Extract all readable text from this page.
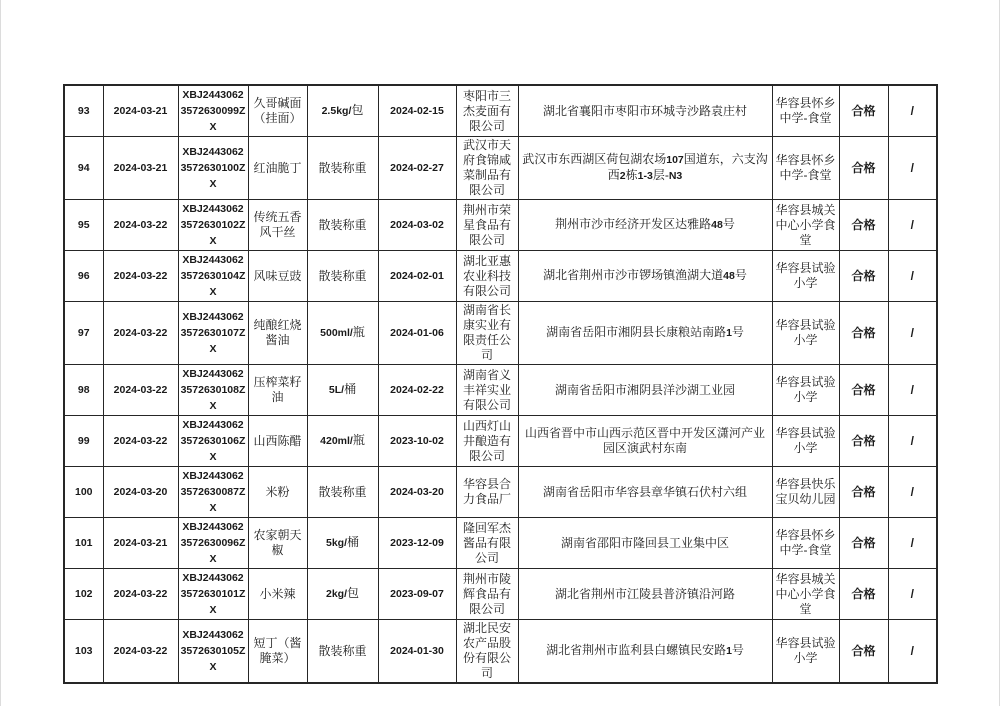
93	2024-03-21	XBJ24430623572630099ZX	久哥碱面（挂面）	2.5kg/包	2024-02-15	枣阳市三杰麦面有限公司	湖北省襄阳市枣阳市环城寺沙路袁庄村	华容县怀乡中学-食堂	合格	/
94	2024-03-21	XBJ24430623572630100ZX	红油脆丁	散装称重	2024-02-27	武汉市天府食锦咸菜制品有限公司	武汉市东西湖区荷包湖农场107国道东，六支沟西2栋1-3层-N3	华容县怀乡中学-食堂	合格	/
95	2024-03-22	XBJ24430623572630102ZX	传统五香风干丝	散装称重	2024-03-02	荆州市荣星食品有限公司	荆州市沙市经济开发区达雅路48号	华容县城关中心小学食堂	合格	/
96	2024-03-22	XBJ24430623572630104ZX	风味豆豉	散装称重	2024-02-01	湖北亚惠农业科技有限公司	湖北省荆州市沙市锣场镇渔湖大道48号	华容县试验小学	合格	/
97	2024-03-22	XBJ24430623572630107ZX	纯酿红烧酱油	500ml/瓶	2024-01-06	湖南省长康实业有限责任公司	湖南省岳阳市湘阴县长康粮站南路1号	华容县试验小学	合格	/
98	2024-03-22	XBJ24430623572630108ZX	压榨菜籽油	5L/桶	2024-02-22	湖南省义丰祥实业有限公司	湖南省岳阳市湘阴县洋沙湖工业园	华容县试验小学	合格	/
99	2024-03-22	XBJ24430623572630106ZX	山西陈醋	420ml/瓶	2023-10-02	山西灯山井酿造有限公司	山西省晋中市山西示范区晋中开发区潇河产业园区演武村东南	华容县试验小学	合格	/
100	2024-03-20	XBJ24430623572630087ZX	米粉	散装称重	2024-03-20	华容县合力食品厂	湖南省岳阳市华容县章华镇石伏村六组	华容县快乐宝贝幼儿园	合格	/
101	2024-03-21	XBJ24430623572630096ZX	农家朝天椒	5kg/桶	2023-12-09	隆回军杰酱品有限公司	湖南省邵阳市隆回县工业集中区	华容县怀乡中学-食堂	合格	/
102	2024-03-22	XBJ24430623572630101ZX	小米辣	2kg/包	2023-09-07	荆州市陵辉食品有限公司	湖北省荆州市江陵县普济镇沿河路	华容县城关中心小学食堂	合格	/
103	2024-03-22	XBJ24430623572630105ZX	短丁（酱腌菜）	散装称重	2024-01-30	湖北民安农产品股份有限公司	湖北省荆州市监利县白螺镇民安路1号	华容县试验小学	合格	/
